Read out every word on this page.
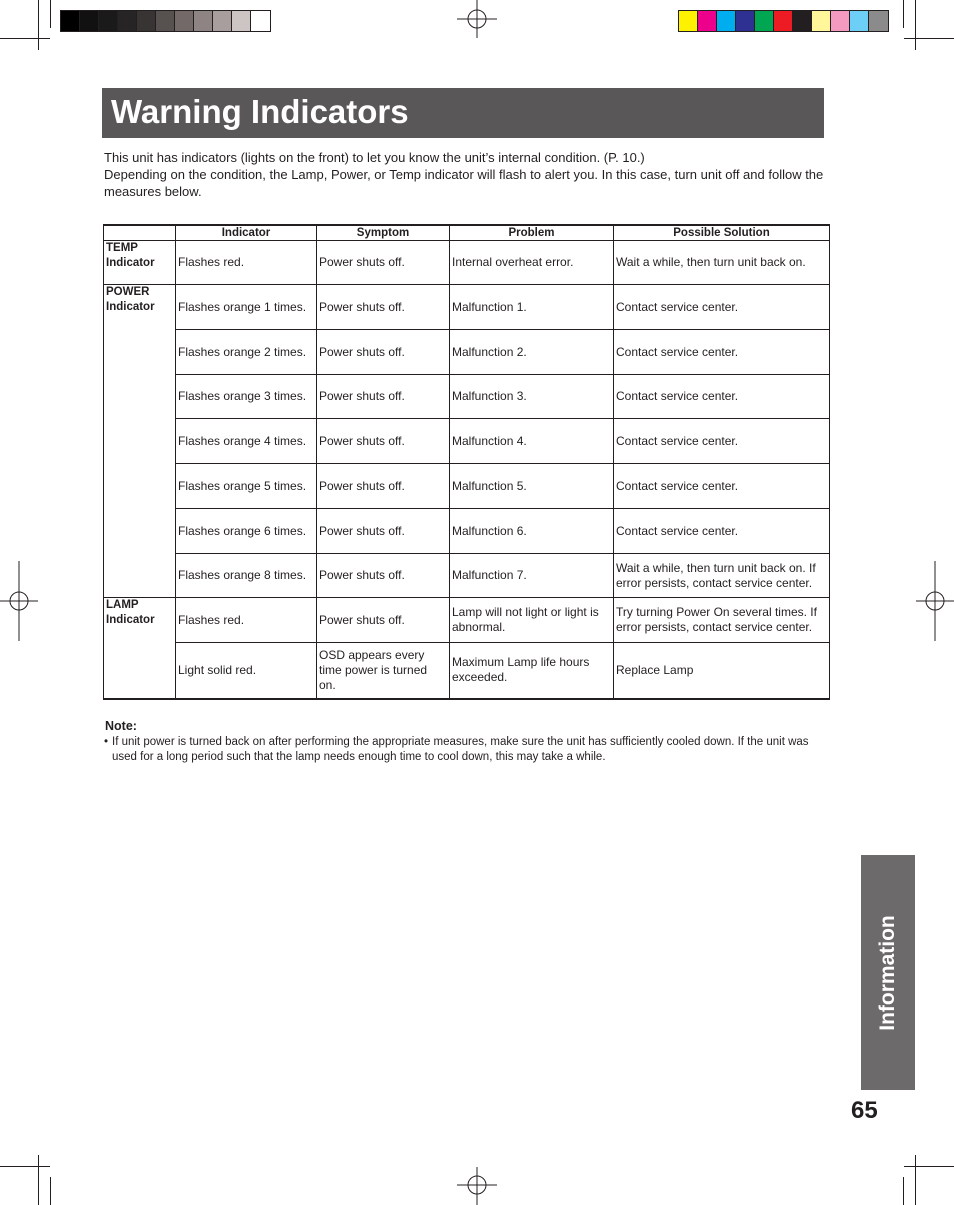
Warning Indicators

This unit has indicators (lights on the front) to let you know the unit’s internal condition. (P. 10.)

Depending on the condition, the Lamp, Power, or Temp indicator will flash to alert you. In this case, turn unit off and follow the measures below.

	Indicator	Symptom	Problem	Possible Solution
TEMP
Indicator	Flashes red.	Power shuts off.	Internal overheat error.	Wait a while, then turn unit back on.
POWER
Indicator	Flashes orange 1 times.	Power shuts off.	Malfunction 1.	Contact service center.
	Flashes orange 2 times.	Power shuts off.	Malfunction 2.	Contact service center.
	Flashes orange 3 times.	Power shuts off.	Malfunction 3.	Contact service center.
	Flashes orange 4 times.	Power shuts off.	Malfunction 4.	Contact service center.
	Flashes orange 5 times.	Power shuts off.	Malfunction 5.	Contact service center.
	Flashes orange 6 times.	Power shuts off.	Malfunction 6.	Contact service center.
	Flashes orange 8 times.	Power shuts off.	Malfunction 7.	Wait a while, then turn unit back on. If error persists, contact service center.
LAMP
Indicator	Flashes red.	Power shuts off.	Lamp will not light or light is abnormal.	Try turning Power On several times. If error persists, contact service center.
	Light solid red.	OSD appears every time power is turned on.	Maximum Lamp life hours exceeded.	Replace Lamp
Note:
• If unit power is turned back on after performing the appropriate measures, make sure the unit has sufficiently cooled down. If the unit was used for a long period such that the lamp needs enough time to cool down, this may take a while.
Information
65
